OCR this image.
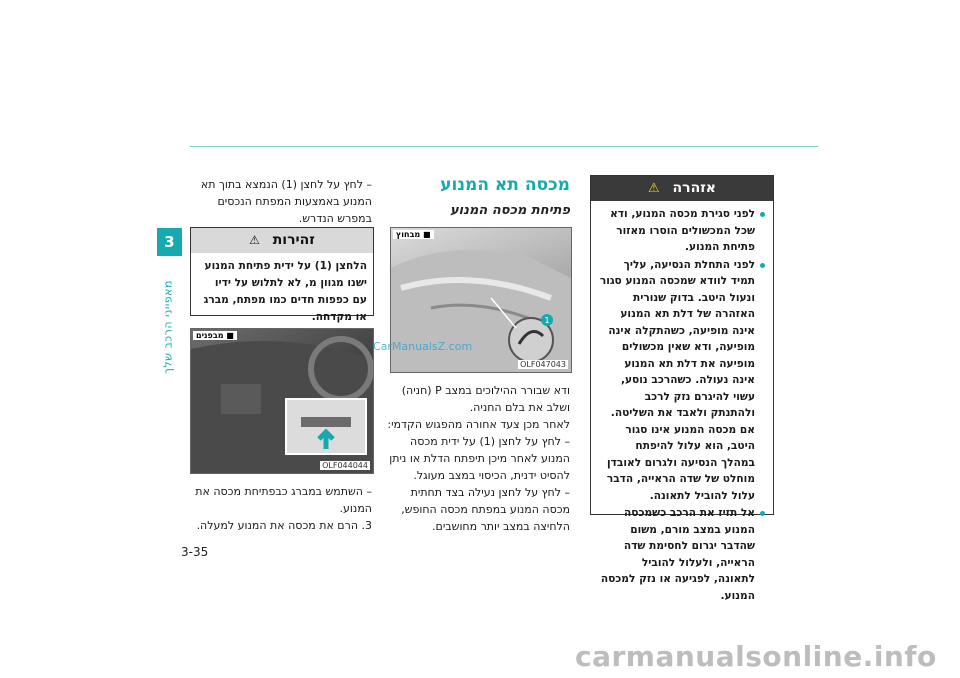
3
מאפייני הרכב שלך
אזהרה ⚠

לפני סגירת מכסה המנוע, ודא שכל המכשולים הוסרו מאזור פתיחת המנוע.

לפני התחלת הנסיעה, עליך תמיד לוודא שמכסה המנוע סגור ונעול היטב. בדוק שנורית האזהרה של דלת תא המנוע אינה מופיעה, כשהתקלה אינה מופיעה, ודא שאין מכשולים מופיעה את דלת תא המנוע אינה נעולה. כשהרכב נוסע, עשוי להיגרם נזק לרכב ולהתנתק ולאבד את השליטה. אם מכסה המנוע אינו סגור היטב, הוא עלול להיפתח במהלך הנסיעה ולגרום לאובדן מוחלט של שדה הראייה, הדבר עלול להוביל לתאונה.

אל תזיז את הרכב כשמכסה המנוע במצב מורם, משום שהדבר יגרום לחסימת שדה הראייה, ולעלול להוביל לתאונה, לפגיעה או נזק למכסה המנוע.

מכסה תא המנוע
פתיחת מכסה המנוע
1
■ מבחוץ
OLF047043
ודא שבורר ההילוכים במצב P (חניה) ושלב את בלם החניה.
לאחר מכן צעד אחורה מהפגוש הקדמי:
– לחץ על לחצן (1) על ידית מכסה המנוע לאחר מיכן תיפתח הדלת או ניתן להסיט ידנית, הכיסוי במצב מעוגל.
– לחץ על לחצן נעילה בצד תחתית מכסה המנוע במפתח מכסה החופש, הלחיצה במצב יותר מחושבים.
– לחץ על לחצן (1) הנמצא בתוך תא המנוע באמצעות המפתח הנכסים במפרש הנדרש.
זהירות ⚠
הלחצן (1) על ידית פתיחת המנוע ישנו מגוון מ, לא לתלוש על ידיו עם כפפות חדים כמו מפתח, מברג או מקדחה.
■ מבפנים
OLF044044
– השתמש במברג כבפתיחת מכסה את המנוע.
3. הרם את מכסה את המנוע למעלה.
3-35
CarManualsZ.com
carmanualsonline.info
